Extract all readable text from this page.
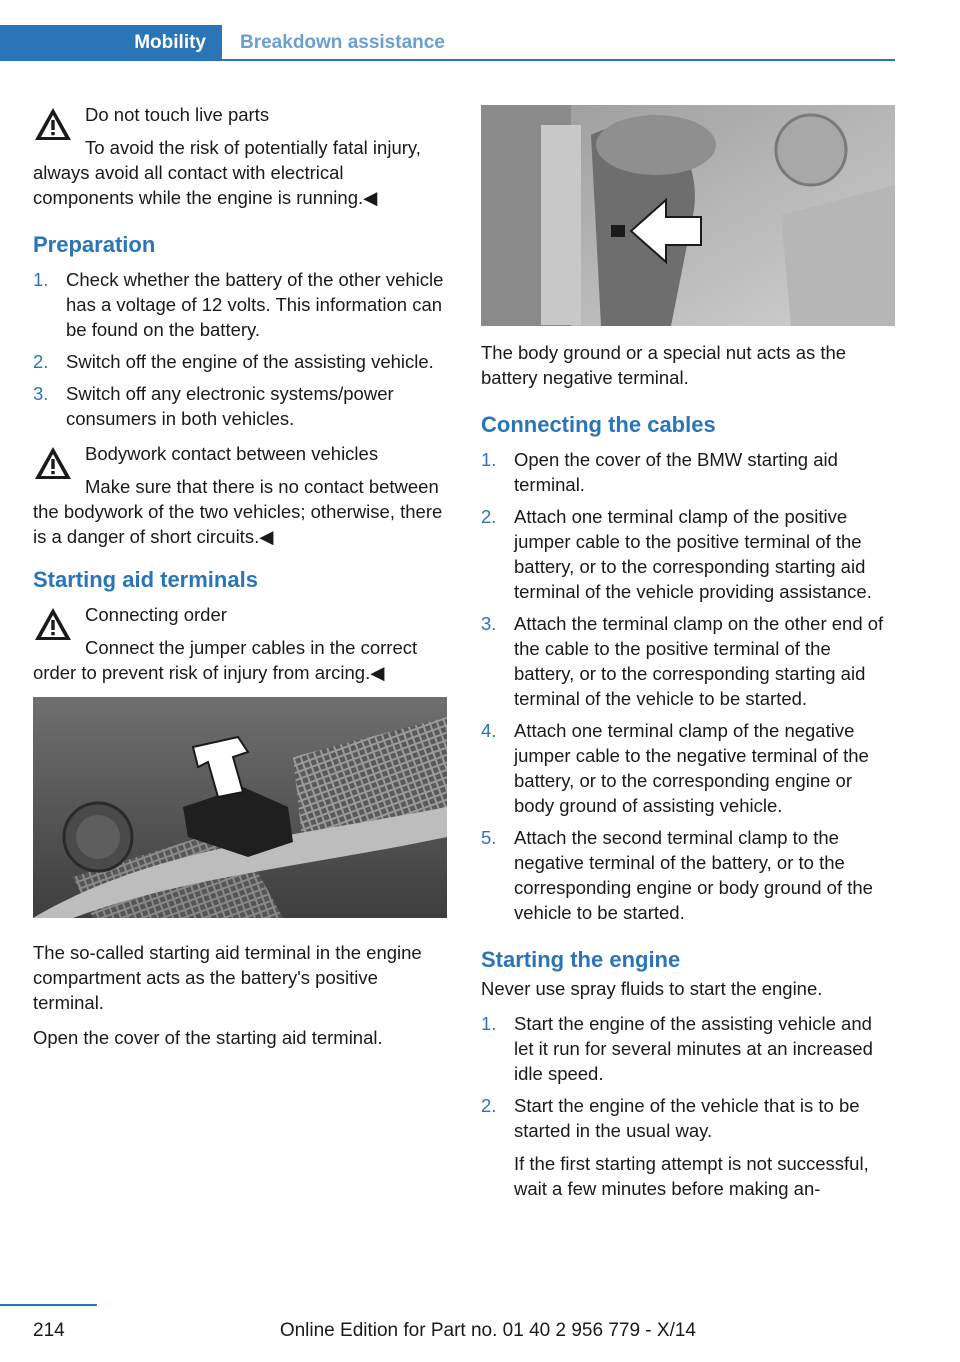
Mobility	Breakdown assistance
Do not touch live parts
To avoid the risk of potentially fatal injury, always avoid all contact with electrical components while the engine is running.◀
Preparation
1. Check whether the battery of the other vehicle has a voltage of 12 volts. This information can be found on the battery.
2. Switch off the engine of the assisting vehicle.
3. Switch off any electronic systems/power consumers in both vehicles.
Bodywork contact between vehicles
Make sure that there is no contact between the bodywork of the two vehicles; otherwise, there is a danger of short circuits.◀
Starting aid terminals
Connecting order
Connect the jumper cables in the correct order to prevent risk of injury from arcing.◀

The so-called starting aid terminal in the engine compartment acts as the battery's positive terminal.

Open the cover of the starting aid terminal.

The body ground or a special nut acts as the battery negative terminal.

Connecting the cables
1. Open the cover of the BMW starting aid terminal.
2. Attach one terminal clamp of the positive jumper cable to the positive terminal of the battery, or to the corresponding starting aid terminal of the vehicle providing assistance.
3. Attach the terminal clamp on the other end of the cable to the positive terminal of the battery, or to the corresponding starting aid terminal of the vehicle to be started.
4. Attach one terminal clamp of the negative jumper cable to the negative terminal of the battery, or to the corresponding engine or body ground of assisting vehicle.
5. Attach the second terminal clamp to the negative terminal of the battery, or to the corresponding engine or body ground of the vehicle to be started.
Starting the engine

Never use spray fluids to start the engine.

1. Start the engine of the assisting vehicle and let it run for several minutes at an increased idle speed.
2. Start the engine of the vehicle that is to be started in the usual way.
If the first starting attempt is not successful, wait a few minutes before making an-
214	Online Edition for Part no. 01 40 2 956 779 - X/14
